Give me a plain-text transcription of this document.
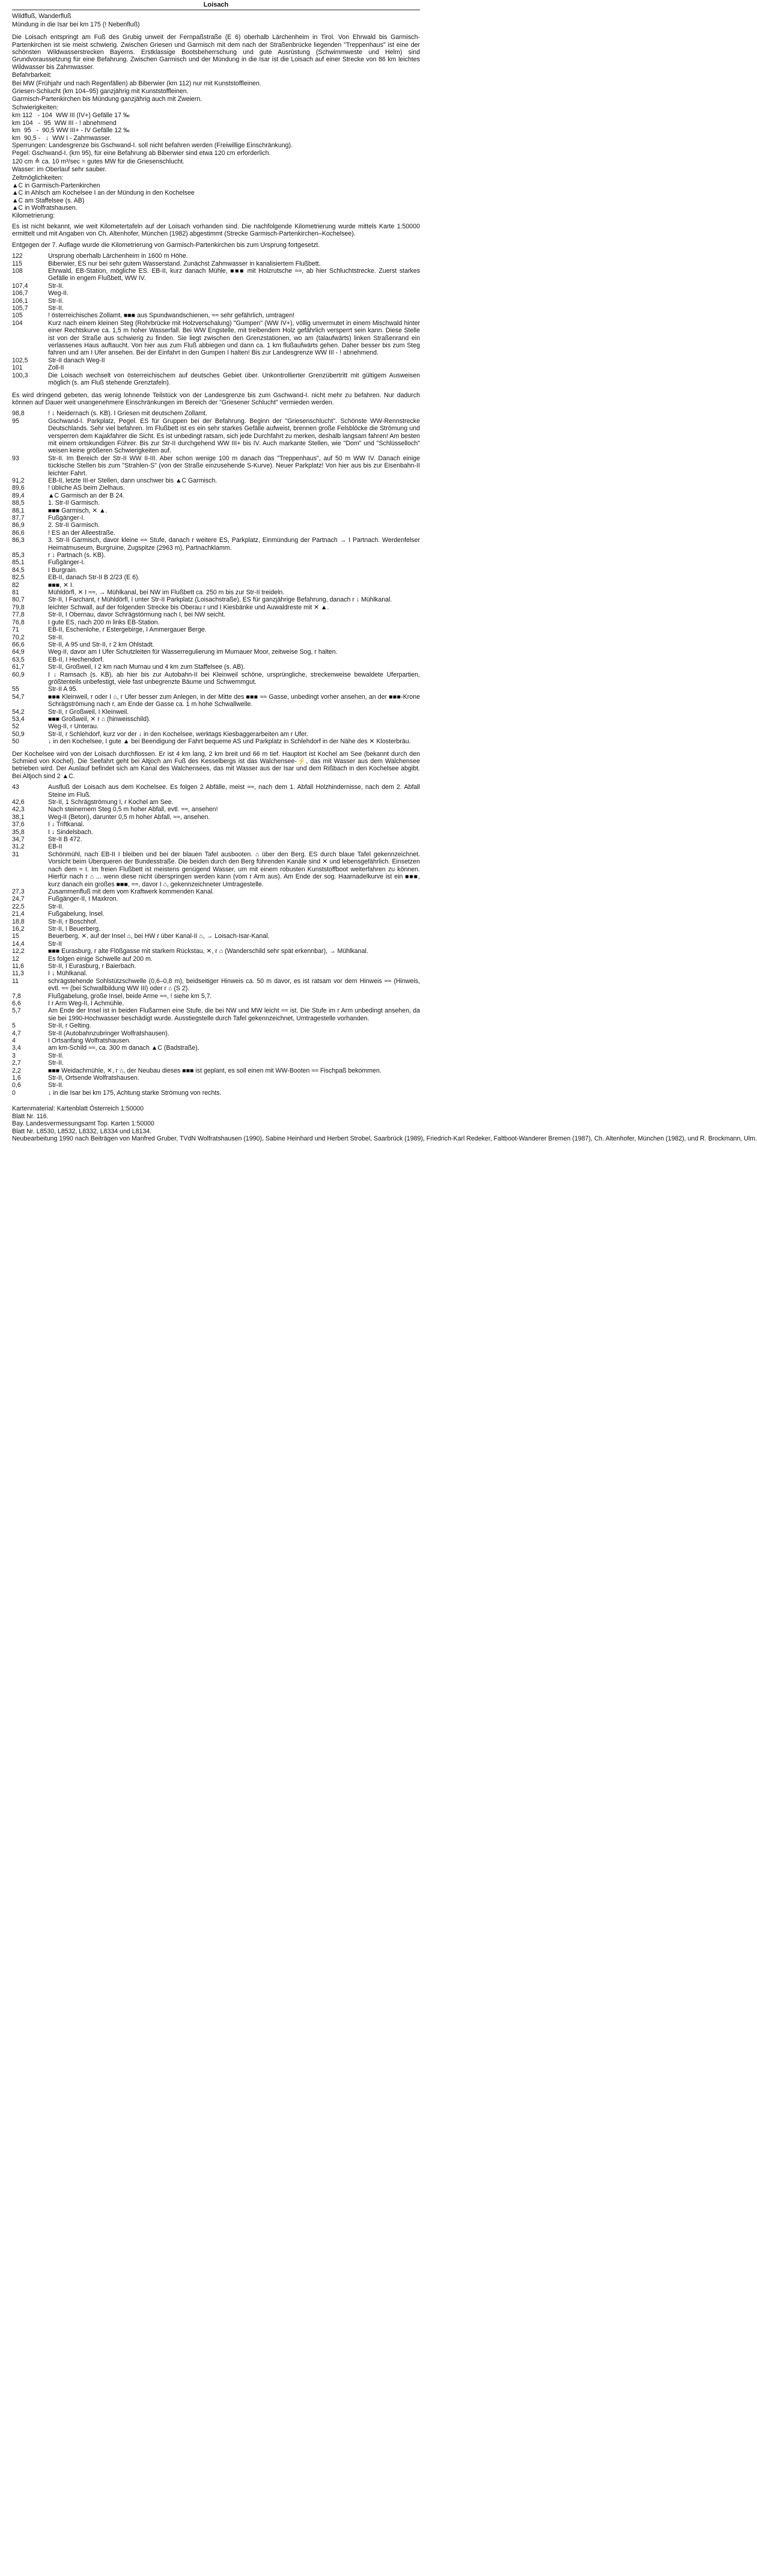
Loisach
Wildfluß, Wanderfluß
Mündung in die Isar bei km 175 (! Nebenfluß)
Die Loisach entspringt am Fuß des Grubig unweit der Fernpaßstraße (E 6) oberhalb Lärchenheim in Tirol. Von Ehrwald bis Garmisch-Partenkirchen ist sie meist schwierig. Zwischen Griesen und Garmisch mit dem nach der Straßenbrücke liegenden "Treppenhaus" ist eine der schönsten Wildwasserstrecken Bayerns. Erstklassige Bootsbeherrschung und gute Ausrüstung (Schwimmweste und Helm) sind Grundvoraussetzung für eine Befahrung. Zwischen Garmisch und der Mündung in die Isar ist die Loisach auf einer Strecke von 86 km leichtes Wildwasser bis Zahmwasser.
Befahrbarkeit:
Bei MW (Frühjahr und nach Regenfällen) ab Biberwier (km 112) nur mit Kunststoffleinen.
Griesen-Schlucht (km 104–95) ganzjährig mit Kunststoffleinen.
Garmisch-Partenkirchen bis Mündung ganzjährig auch mit Zweiern.
Schwierigkeiten:
km 112   - 104  WW III (IV+) Gefälle 17 ‰
km 104   -  95  WW III - ! abnehmend
km  95   -  90,5 WW III+ - IV Gefälle 12 ‰
km  90,5 -   ↓  WW I - Zahmwasser.
Sperrungen: Landesgrenze bis Gschwand-I. soll nicht befahren werden (Freiwillige Einschränkung).
Pegel: Gschwand-I. (km 95), für eine Befahrung ab Biberwier sind etwa 120 cm erforderlich.
120 cm ≙ ca. 10 m³/sec = gutes MW für die Griesenschlucht.
Wasser: im Oberlauf sehr sauber.
Zeltmöglichkeiten:
▲C in Garmisch-Partenkirchen
▲C in Ahlsch am Kochelsee I an der Mündung in den Kochelsee
▲C am Staffelsee (s. AB)
▲C in Wolfratshausen.
Kilometrierung:
Es ist nicht bekannt, wie weit Kilometertafeln auf der Loisach vorhanden sind. Die nachfolgende Kilometrierung wurde mittels Karte 1:50000 ermittelt und mit Angaben von Ch. Altenhofer, München (1982) abgestimmt (Strecke Garmisch-Partenkirchen–Kochelsee).
Entgegen der 7. Auflage wurde die Kilometrierung von Garmisch-Partenkirchen bis zum Ursprung fortgesetzt.
122	Ursprung oberhalb Lärchenheim in 1600 m Höhe.
115	Biberwier, ES nur bei sehr gutem Wasserstand. Zunächst Zahmwasser in kanalisiertem Flußbett.
108	Ehrwald, EB-Station, mögliche ES. EB-II, kurz danach Mühle, ■■■ mit Holzrutsche ≈≈, ab hier Schluchtstrecke. Zuerst starkes Gefälle in engem Flußbett, WW IV.
107,4	Str-II.
106,7	Weg-II.
106,1	Str-II.
105,7	Str-II.
105	! österreichisches Zollamt, ■■■ aus Spundwandschienen, ≈≈ sehr gefährlich, umtragen!
104	Kurz nach einem kleinen Steg (Rohrbrücke mit Holzverschalung) "Gumpen" (WW IV+), völlig unvermutet in einem Mischwald hinter einer Rechtskurve ca. 1,5 m hoher Wasserfall. Bei WW Engstelle, mit treibendem Holz gefährlich versperrt sein kann. Diese Stelle ist von der Straße aus schwierig zu finden. Sie liegt zwischen den Grenzstationen, wo am (talaufwärts) linken Straßenrand ein verlassenes Haus auftaucht. Von hier aus zum Fluß abbiegen und dann ca. 1 km flußaufwärts gehen. Daher besser bis zum Steg fahren und am I Ufer ansehen. Bei der Einfahrt in den Gumpen I halten! Bis zur Landesgrenze WW III - ! abnehmend.
102,5	Str-II danach Weg-II
101	Zoll-II
100,3	Die Loisach wechselt von österreichischem auf deutsches Gebiet über. Unkontrollierter Grenzübertritt mit gültigem Ausweisen möglich (s. am Fluß stehende Grenztafeln).
Es wird dringend gebeten, das wenig lohnende Teilstück von der Landesgrenze bis zum Gschwand-I. nicht mehr zu befahren. Nur dadurch können auf Dauer weit unangenehmere Einschränkungen im Bereich der "Griesener Schlucht" vermieden werden.
98,8	! ↓ Neidernach (s. KB). I Griesen mit deutschem Zollamt.
95	Gschwand-I. Parkplatz, Pegel. ES für Gruppen bei der Befahrung. Beginn der "Griesenschlucht". Schönste WW-Rennstrecke Deutschlands. Sehr viel befahren. Im Flußbett ist es ein sehr starkes Gefälle aufweist, brennen große Felsblöcke die Strömung und versperren dem Kajakfahrer die Sicht. Es ist unbedingt ratsam, sich jede Durchfahrt zu merken, deshalb langsam fahren! Am besten mit einem ortskundigen Führer. Bis zur Str-II durchgehend WW III+ bis IV. Auch markante Stellen, wie "Dom" und "Schlüsselloch" weisen keine größeren Schwierigkeiten auf.
93	Str-II. Im Bereich der Str-II WW II-III. Aber schon wenige 100 m danach das "Treppenhaus", auf 50 m WW IV. Danach einige tückische Stellen bis zum "Strahlen-S" (von der Straße einzusehende S-Kurve). Neuer Parkplatz! Von hier aus bis zur Eisenbahn-II leichter Fahrt.
91,2	EB-II, letzte III-er Stellen, dann unschwer bis ▲C Garmisch.
89,6	! übliche AS beim Zielhaus.
89,4	▲C Garmisch an der B 24.
88,5	1. Str-II Garmisch.
88,1	■■■ Garmisch, ✕ ▲.
87,7	Fußgänger-I.
86,9	2. Str-II Garmisch.
86,6	! ES an der Alleestraße.
86,3	3. Str-II Garmisch, davor kleine ≈≈ Stufe, danach r weitere ES, Parkplatz, Einmündung der Partnach → I Partnach. Werdenfelser Heimatmuseum, Burgruine, Zugspitze (2963 m), Partnachklamm.
85,3	r ↓ Partnach (s. KB).
85,1	Fußgänger-I.
84,5	I Burgrain.
82,5	EB-II, danach Str-II B 2/23 (E 6).
82	■■■, ✕ I.
81	Mühldörfl, ✕ I ≈≈, → Mühlkanal, bei NW im Flußbett ca. 250 m bis zur Str-II treideln.
80,7	Str-II, I Farchant, r Mühldörfl, I unter Str-II Parkplatz (Loisachstraße), ES für ganzjährige Befahrung, danach r ↓ Mühlkanal.
79,8	leichter Schwall, auf der folgenden Strecke bis Oberau r und I Kiesbänke und Auwaldreste mit ✕ ▲.
77,8	Str-II, I Obernau, davor Schrägstörmung nach I, bei NW seicht.
76,8	I gute ES, nach 200 m links EB-Station.
71	EB-II, Eschenlohe, r Estergebirge, I Ammergauer Berge.
70,2	Str-II.
66,6	Str-II, A 95 und Str-II, r 2 km Ohlstadt.
64,9	Weg-II, davor am I Ufer Schutzleiten für Wasserregulierung im Murnauer Moor, zeitweise Sog, r halten.
63,5	EB-II, I Hechendorf.
61,7	Str-II, Großweil, I 2 km nach Murnau und 4 km zum Staffelsee (s. AB).
60,9	I ↓ Ramsach (s. KB), ab hier bis zur Autobahn-II bei Kleinweil schöne, ursprüngliche, streckenweise bewaldete Uferpartien, größtenteils unbefestigt, viele fast unbegrenzte Bäume und Schwemmgut.
55	Str-II A 95.
54,7	■■■ Kleinweil, r oder I ⌂, r Ufer besser zum Anlegen, in der Mitte des ■■■ ≈≈ Gasse, unbedingt vorher ansehen, an der ■■■-Krone Schrägströmung nach r, am Ende der Gasse ca. 1 m hohe Schwallwelle.
54,2	Str-II, r Großweil, I Kleinweil.
53,4	■■■ Großweil, ✕ r ⌂ (hinweisschild).
52	Weg-II, r Unterau.
50,9	Str-II, r Schlehdorf, kurz vor der ↓ in den Kochelsee, werktags Kiesbaggerarbeiten am r Ufer.
50	↓ in den Kochelsee, I gute ▲ bei Beendigung der Fahrt bequeme AS und Parkplatz in Schlehdorf in der Nähe des ✕ Klosterbräu.
Der Kochelsee wird von der Loisach durchflossen. Er ist 4 km lang, 2 km breit und 66 m tief. Hauptort ist Kochel am See (bekannt durch den Schmied von Kochel). Die Seefahrt geht bei Altjoch am Fuß des Kesselbergs ist das Walchensee-⚡, das mit Wasser aus dem Walchensee betrieben wird. Der Auslauf befindet sich am Kanal des Walchensees, das mit Wasser aus der Isar und dem Rißbach in den Kochelsee abgibt. Bei Altjoch sind 2 ▲C.
43	Ausfluß der Loisach aus dem Kochelsee. Es folgen 2 Abfälle, meist ≈≈, nach dem 1. Abfall Holzhindernisse, nach dem 2. Abfall Steine im Fluß.
42,6	Str-II, 1 Schrägströmung I, r Kochel am See.
42,3	Nach steinernem Steg 0,5 m hoher Abfall, evtl. ≈≈, ansehen!
38,1	Weg-II (Beton), darunter 0,5 m hoher Abfall, ≈≈, ansehen.
37,6	I ↓ Triftkanal.
35,8	I ↓ Sindelsbach.
34,7	Str-II B 472.
31,2	EB-II
31	Schönmühl, nach EB-II I bleiben und bei der blauen Tafel ausbooten. ⌂ über den Berg. ES durch blaue Tafel gekennzeichnet. Vorsicht beim Überqueren der Bundesstraße. Die beiden durch den Berg führenden Kanäle sind ✕ und lebensgefährlich. Einsetzen nach dem ≈ I. Im freien Flußbett ist meistens genügend Wasser, um mit einem robusten Kunststoffboot weiterfahren zu können. Hierfür nach r ⌂ ... wenn diese nicht überspringen werden kann (vom r Arm aus). Am Ende der sog. Haarnadelkurve ist ein ■■■, kurz danach ein großes ■■■, ≈≈, davor I ⌂, gekennzeichneter Umtragestelle.
27,3	Zusammenfluß mit dem vom Kraftwerk kommenden Kanal.
24,7	Fußgänger-II, I Maxkron.
22,5	Str-II.
21,4	Fußgabelung, Insel.
18,8	Str-II, r Boschhof.
16,2	Str-II, I Beuerberg.
15	Beuerberg, ✕, auf der Insel ⌂, bei HW r über Kanal-II ⌂, → Loisach-Isar-Kanal.
14,4	Str-II
12,2	■■■ Eurasburg, r alte Flößgasse mit starkem Rückstau, ✕, r ⌂ (Wanderschild sehr spät erkennbar), → Mühlkanal.
12	Es folgen einige Schwelle auf 200 m.
11,6	Str-II, I Eurasburg, r Baierbach.
11,3	I ↓ Mühlkanal.
11	schrägstehende Sohlstützschwelle (0,6–0,8 m), beidseitiger Hinweis ca. 50 m davor, es ist ratsam vor dem Hinweis ≈≈ (Hinweis, evtl. ≈≈ (bei Schwallbildung WW III) oder r ⌂ (S 2).
7,8	Flußgabelung, große Insel, beide Arme ≈≈, ! siehe km 5,7.
6,6	I r Arm Weg-II, I Achmühle.
5,7	Am Ende der Insel ist in beiden Flußarmen eine Stufe, die bei NW und MW leicht ≈≈ ist. Die Stufe im r Arm unbedingt ansehen, da sie bei 1990-Hochwasser beschädigt wurde. Ausstiegstelle durch Tafel gekennzeichnet, Umtragestelle vorhanden.
5	Str-II, r Gelting.
4,7	Str-II (Autobahnzubringer Wolfratshausen).
4	I Ortsanfang Wolfratshausen.
3,4	am km-Schild ≈≈, ca. 300 m danach ▲C (Badstraße).
3	Str-II.
2,7	Str-II.
2,2	■■■ Weidachmühle, ✕, r ⌂, der Neubau dieses ■■■ ist geplant, es soll einen mit WW-Booten ≈≈ Fischpaß bekommen.
1,6	Str-II, Ortsende Wolfratshausen.
0,6	Str-II.
0	↓ in die Isar bei km 175, Achtung starke Strömung von rechts.
Kartenmaterial: Kartenblatt Österreich 1:50000
Blatt Nr. 116.
Bay. Landesvermessungsamt Top. Karten 1:50000
Blatt Nr. L8530, L8532, L8332, L8334 und L8134.
Neubearbeitung 1990 nach Beiträgen von Manfred Gruber, TVdN Wolfratshausen (1990), Sabine Heinhard und Herbert Strobel, Saarbrück (1989), Friedrich-Karl Redeker, Faltboot-Wanderer Bremen (1987), Ch. Altenhofer, München (1982), und R. Brockmann, Ulm.
